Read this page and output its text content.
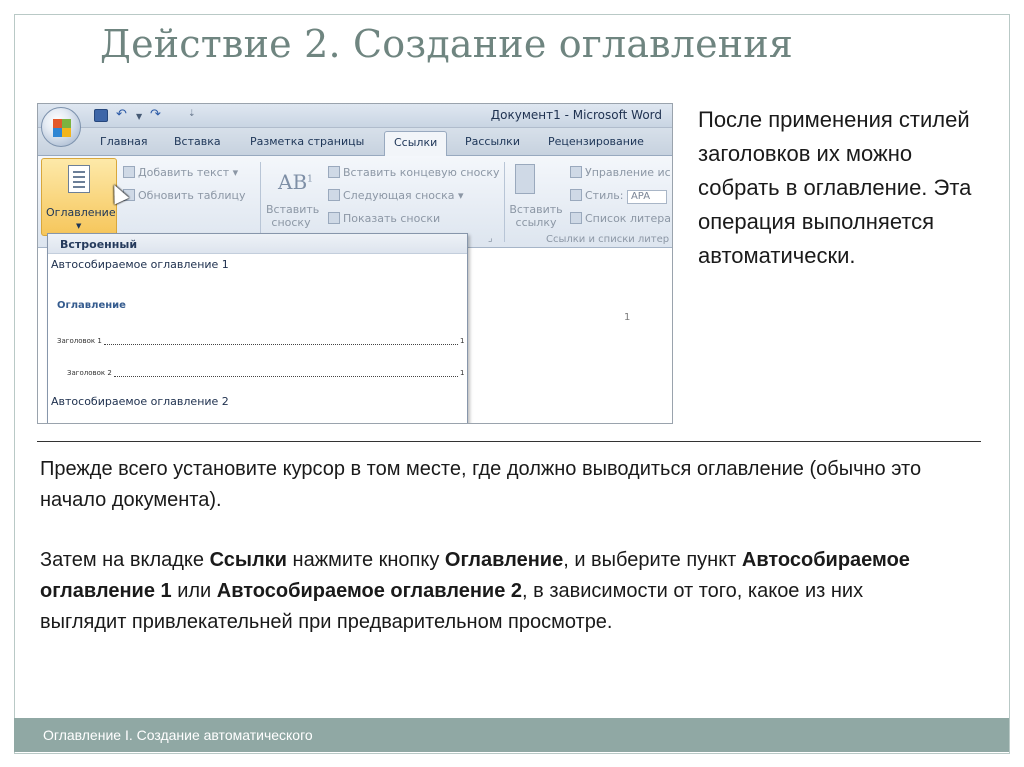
Действие 2. Создание оглавления
↶	▼ ↷	⇣	Документ1 - Microsoft Word
Главная Вставка	Разметка страницы	Ссылки	Рассылки	Рецензирование
Оглавление
▼
Добавить текст ▾
Обновить таблицу
$AB^1$
Вставить сноску
Вставить концевую сноску
Следующая сноска ▾
Показать сноски
Вставить ссылку
Управление ис
Стиль: APA
Список литера
Ссылки и списки литер
⌟
1
Встроенный
Автособираемое оглавление 1
Оглавление
Заголовок 1	1
Заголовок 2	1
Автособираемое оглавление 2
После применения стилей заголовков их можно собрать в оглавление. Эта операция выполняется автоматически.

Прежде всего установите курсор в том месте, где должно выводиться оглавление (обычно это начало документа).

Затем на вкладке Ссылки нажмите кнопку Оглавление, и выберите пункт Автособираемое оглавление 1 или Автособираемое оглавление 2, в зависимости от того, какое из них выглядит привлекательней при предварительном просмотре.

Оглавление I. Создание автоматического
